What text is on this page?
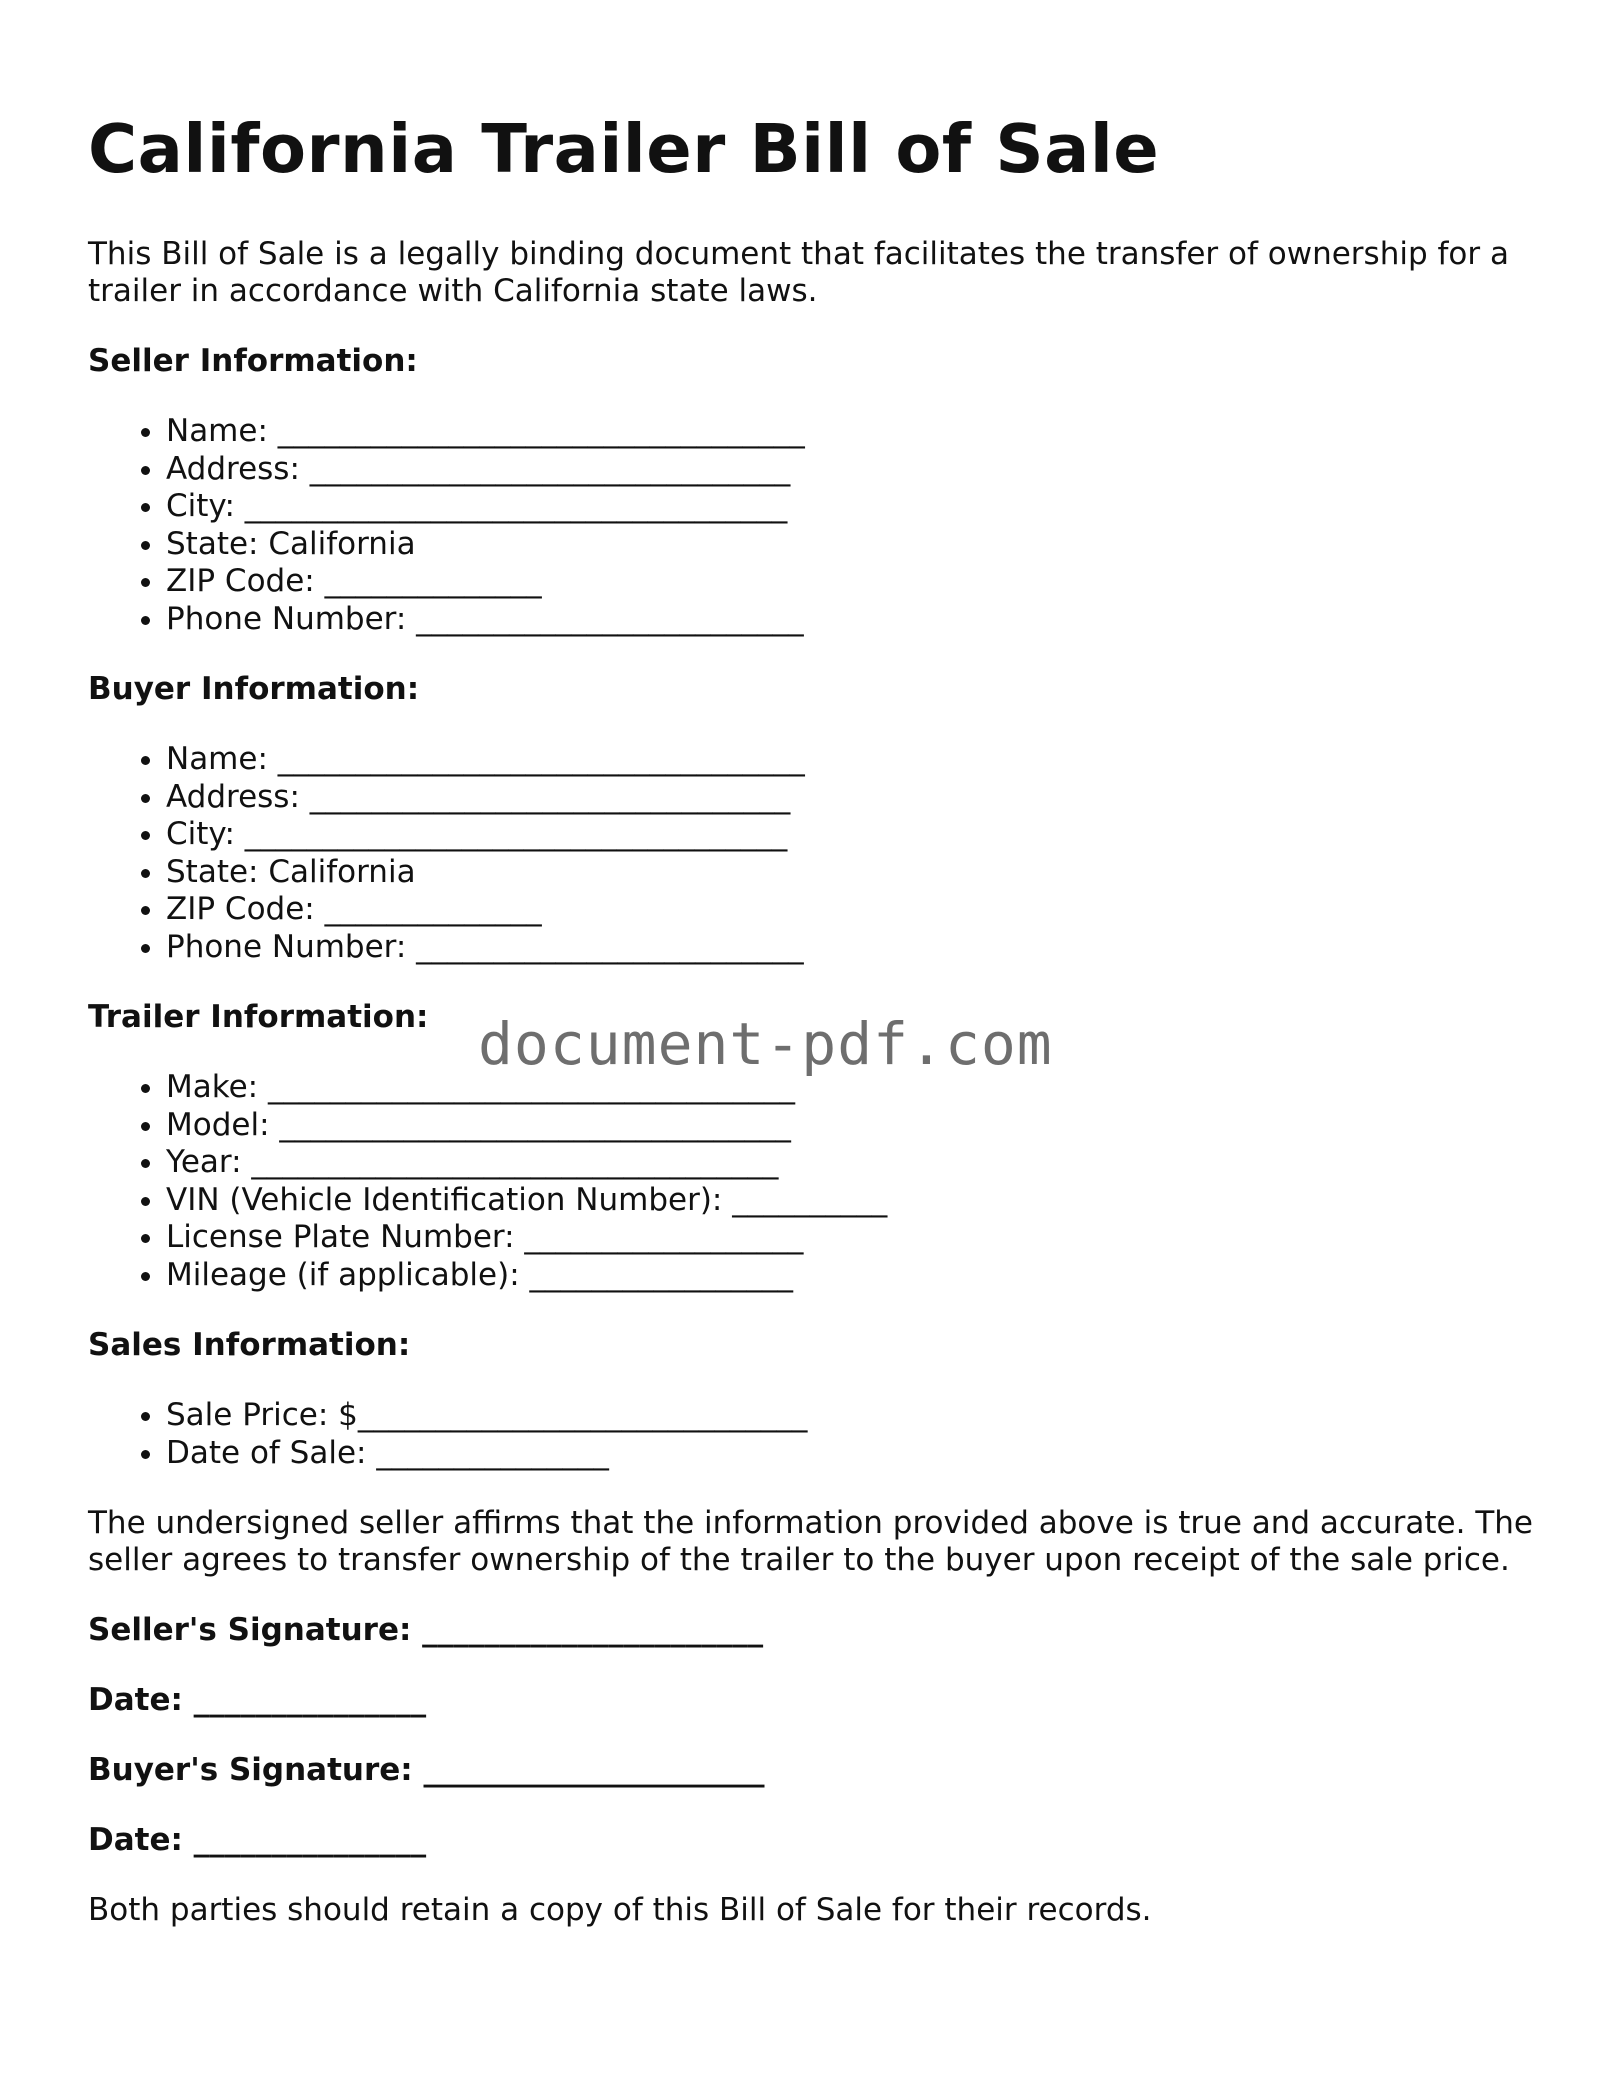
California Trailer Bill of Sale

This Bill of Sale is a legally binding document that facilitates the transfer of ownership for a trailer in accordance with California state laws.

Seller Information:

• Name: __________________________________
• Address: _______________________________
• City: ___________________________________
• State: California
• ZIP Code: ______________
• Phone Number: _________________________

Buyer Information:

• Name: __________________________________
• Address: _______________________________
• City: ___________________________________
• State: California
• ZIP Code: ______________
• Phone Number: _________________________

Trailer Information:

• Make: __________________________________
• Model: _________________________________
• Year: __________________________________
• VIN (Vehicle Identification Number): __________
• License Plate Number: __________________
• Mileage (if applicable): _________________

Sales Information:

• Sale Price: $_____________________________
• Date of Sale: _______________

The undersigned seller affirms that the information provided above is true and accurate. The seller agrees to transfer ownership of the trailer to the buyer upon receipt of the sale price.

Seller's Signature: ______________________

Date: _______________

Buyer's Signature: ______________________

Date: _______________

Both parties should retain a copy of this Bill of Sale for their records.

document-pdf.com
